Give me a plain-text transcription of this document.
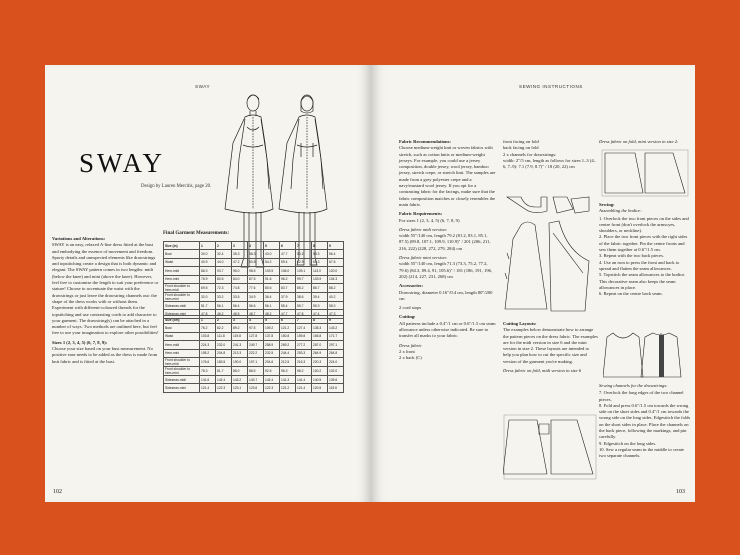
SWAY
SWAY
Design by Lauren Mercitis, page 20.

Variations and Alterations:
SWAY is an easy, relaxed A-line dress fitted at the bust and embodying the essence of movement and freedom. Sporty details and unexpected elements like drawstrings and topstitching create a design that is both dynamic and elegant. The SWAY pattern comes in two lengths: midi (below the knee) and mini (above the knee). However, feel free to customise the length to suit your preference or stature! Choose to accentuate the waist with the drawstrings or just leave the drawstring channels out: the shape of the dress works with or without them. Experiment with different-coloured threads for the topstitching and use contrasting cords to add character to your garment. The drawstring(s) can be attached in a number of ways. Two methods are outlined here, but feel free to use your imagination to explore other possibilities!

Sizes 1 (2, 3, 4, 5) (6, 7, 8, 9):
Choose your size based on your bust measurement. No positive ease needs to be added as the dress is made from knit fabric and is fitted at the bust.

Final Garment Measurements:
Size (in)	1	2	3	4	5	6	7	8	9
Bust	30.0	32.4	35.3	38.3	43.0	47.7	50.2	53.3	56.4
Waist	40.9	44.0	47.2	50.5	54.2	59.4	62.9	65.3	67.6
Hem-midi	88.3	93.7	95.0	98.5	103.9	106.0	109.1	113.0	120.0
Hem-mini	76.9	80.6	84.0	87.5	91.6	96.2	99.7	103.9	104.3
Front shoulder to hem-midi	69.5	72.3	74.8	77.6	80.6	83.7	85.2	86.7	88.2
Front shoulder to hem-mini	32.0	33.2	33.5	34.9	36.4	37.9	38.6	39.4	40.2
Sidesean-midi	51.7	56.1	56.4	56.6	56.1	55.4	55.7	55.3	55.0
Sidesean-mini	47.8	46.2	46.5	48.7	48.2	47.7	47.8	47.4	47.3
Size (cm)	1	2	3	4	5	6	7	8	9
Bust	76.2	82.2	89.2	97.5	109.2	121.2	127.4	135.3	143.2
Waist	103.8	111.8	119.8	127.8	137.8	150.8	159.8	165.8	171.7
Hem-midi	224.3	232.0	241.3	249.7	258.9	269.2	277.2	287.0	297.1
Hem-mini	195.2	204.8	213.3	222.2	232.5	244.4	253.3	264.9	264.8
Front shoulder to hem-midi	176.6	183.5	190.0	197.1	204.6	212.5	216.3	220.3	224.0
Front shoulder to hem-mini	78.3	81.7	85.0	88.5	92.5	96.3	98.2	100.2	102.0
Sidesean-midi	141.6	142.4	143.2	143.7	142.4	141.3	141.4	140.5	139.6
Sidesean-mini	121.4	122.3	123.1	123.6	122.3	121.2	121.4	120.5	119.6
102
SEWING INSTRUCTIONS

Fabric Recommendations:
Choose medium-weight knit or woven fabrics with stretch, such as cotton knits or medium-weight jerseys. For example, you could use a jersey composition, double jersey, wool jersey, bamboo jersey, stretch crepe, or stretch linit. The samples are made from a grey polyester crepe and a navy/mustard wool jersey. If you opt for a contrasting fabric for the facings, make sure that the fabric composition matches or closely resembles the main fabric.

Fabric Requirements:
For sizes 1 (2, 3, 4, 5) (6, 7, 8, 9)

Dress fabric midi version:
width 55"/140 cm, length 79.2 (81.2, 83.1, 85.1, 87.5) (89.8, 107.1, 109.9, 110.9)" / 201 (206, 211, 216, 222) (228, 272, 279, 284) cm

Dress fabric mini version:
width 55"/140 cm, length 71.3 (73.3, 75.2, 77.2, 79.6) (84.3, 89.4, 91, 105.6)" / 181 (186, 191, 196, 202) (214, 227, 231, 268) cm

Accessories:
Drawstring, diameter 0.16"/0.4 cm, length 80"/200 cm

2 cord stops

Cutting:
All patterns include a 0.4"/1 cm or 0.6"/1.5 cm seam allowance unless otherwise indicated. Be sure to transfer all marks to your fabric.

Dress fabric
2 x front
2 x back (C)

front facing on fold
back facing on fold
2 x channels for drawstrings:
width: 2"/5 cm, length as follows for sizes 1–3 (4–6, 7–9): 7.1 (7.9, 8.7)" / 18 (20, 22) cm

Cutting Layouts:
The examples below demonstrate how to arrange the pattern pieces on the dress fabric. The examples are for the midi version in size 6 and the mini version in size 2. These layouts are intended to help you plan how to cut the specific size and version of the garment you're making.

Dress fabric on fold, midi version in size 6

Dress fabric on fold, mini version in size 2:

Sewing:
Assembling the bodice:

1. Overlock the two front pieces on the sides and centre front (don't overlock the armscyes, shoulders, or neckline).
2. Place the two front pieces with the right sides of the fabric together. Pin the centre fronts and sew them together at 0.6"/1.5 cm.
3. Repeat with the two back pieces.
4. Use an iron to press the front and back to spread and flatten the seam allowances.
5. Topstitch the seam allowances to the bodice. This decorative seam also keeps the seam allowances in place.
6. Repeat on the centre back seam.

Sewing channels for the drawstrings:

7. Overlock the long edges of the two channel pieces.
8. Fold and press 0.6"/1.5 cm towards the wrong side on the short sides and 0.4"/1 cm towards the wrong side on the long sides. Edgestitch the folds on the short sides in place. Place the channels on the back piece, following the markings, and pin carefully.
9. Edgestitch on the long sides.
10. Sew a regular seam in the middle to create two separate channels.
103
